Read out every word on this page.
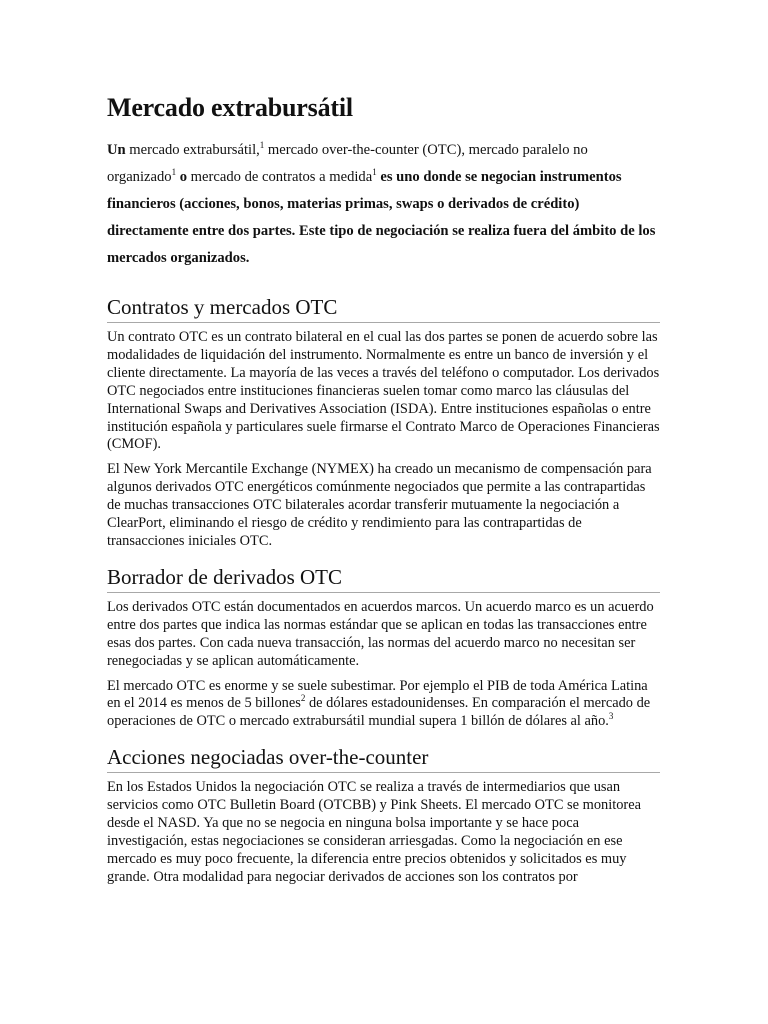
Mercado extrabursátil

Un mercado extrabursátil,$^1$ mercado over-the-counter (OTC), mercado paralelo no organizado$^1$ o mercado de contratos a medida$^1$ es uno donde se negocian instrumentos financieros (acciones, bonos, materias primas, swaps o derivados de crédito) directamente entre dos partes. Este tipo de negociación se realiza fuera del ámbito de los mercados organizados.

Contratos y mercados OTC

Un contrato OTC es un contrato bilateral en el cual las dos partes se ponen de acuerdo sobre las modalidades de liquidación del instrumento. Normalmente es entre un banco de inversión y el cliente directamente. La mayoría de las veces a través del teléfono o computador. Los derivados OTC negociados entre instituciones financieras suelen tomar como marco las cláusulas del International Swaps and Derivatives Association (ISDA). Entre instituciones españolas o entre institución española y particulares suele firmarse el Contrato Marco de Operaciones Financieras (CMOF).

El New York Mercantile Exchange (NYMEX) ha creado un mecanismo de compensación para algunos derivados OTC energéticos comúnmente negociados que permite a las contrapartidas de muchas transacciones OTC bilaterales acordar transferir mutuamente la negociación a ClearPort, eliminando el riesgo de crédito y rendimiento para las contrapartidas de transacciones iniciales OTC.

Borrador de derivados OTC

Los derivados OTC están documentados en acuerdos marcos. Un acuerdo marco es un acuerdo entre dos partes que indica las normas estándar que se aplican en todas las transacciones entre esas dos partes. Con cada nueva transacción, las normas del acuerdo marco no necesitan ser renegociadas y se aplican automáticamente.

El mercado OTC es enorme y se suele subestimar. Por ejemplo el PIB de toda América Latina en el 2014 es menos de 5 billones$^2$ de dólares estadounidenses. En comparación el mercado de operaciones de OTC o mercado extrabursátil mundial supera 1 billón de dólares al año.$^3$

Acciones negociadas over-the-counter

En los Estados Unidos la negociación OTC se realiza a través de intermediarios que usan servicios como OTC Bulletin Board (OTCBB) y Pink Sheets. El mercado OTC se monitorea desde el NASD. Ya que no se negocia en ninguna bolsa importante y se hace poca investigación, estas negociaciones se consideran arriesgadas. Como la negociación en ese mercado es muy poco frecuente, la diferencia entre precios obtenidos y solicitados es muy grande. Otra modalidad para negociar derivados de acciones son los contratos por
